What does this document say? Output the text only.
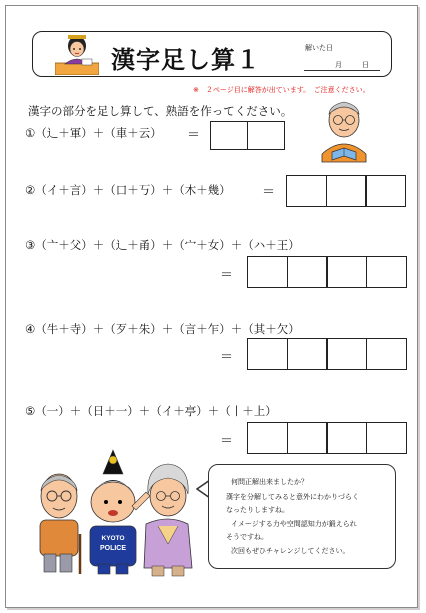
漢字足し算１	解いた日
月	日
※　２ページ目に解答が出ています。　ご注意ください。
漢字の部分を足し算して、熟語を作ってください。
①（⻌＋軍）＋（車＋云） ＝
②（イ＋言）＋（口＋丂）＋（木＋幾） ＝
③（亠＋父）＋（⻌＋甬）＋（宀＋女）＋（ハ＋王）
＝
④（牛＋寺）＋（歹＋朱）＋（言＋乍）＋（其＋欠）
＝
⑤（一）＋（日＋一）＋（イ＋亭）＋（丨＋上）
＝
KYOTO
POLICE
何問正解出来ましたか？
漢字を分解してみると意外にわかりづらく
なったりしますね。
イメージする力や空間認知力が鍛えられ
そうですね。
次回もぜひチャレンジしてください。
